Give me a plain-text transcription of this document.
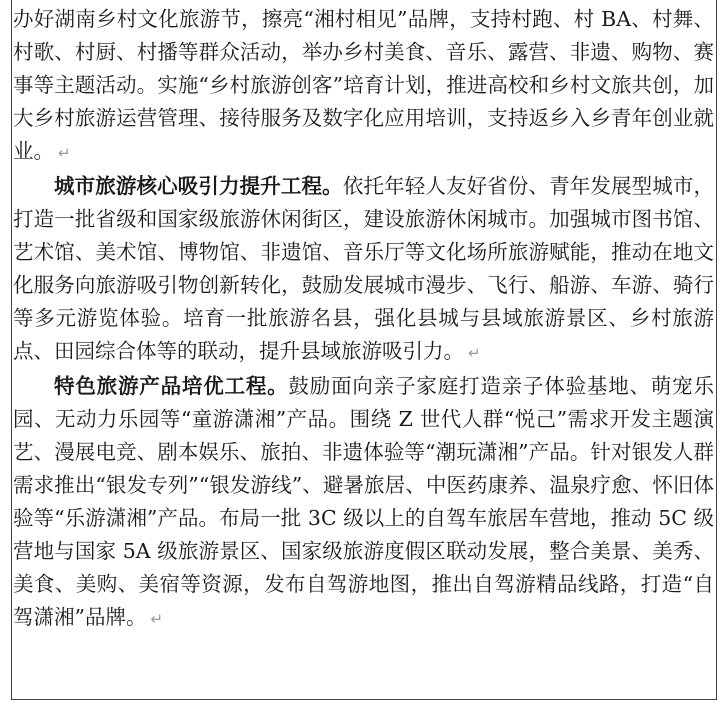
办好湖南乡村文化旅游节，擦亮“湘村相见”品牌，支持村跑、村 BA、村舞、村歌、村厨、村播等群众活动，举办乡村美食、音乐、露营、非遗、购物、赛事等主题活动。实施“乡村旅游创客”培育计划，推进高校和乡村文旅共创，加大乡村旅游运营管理、接待服务及数字化应用培训，支持返乡入乡青年创业就业。 ↵

城市旅游核心吸引力提升工程。依托年轻人友好省份、青年发展型城市，打造一批省级和国家级旅游休闲街区，建设旅游休闲城市。加强城市图书馆、艺术馆、美术馆、博物馆、非遗馆、音乐厅等文化场所旅游赋能，推动在地文化服务向旅游吸引物创新转化，鼓励发展城市漫步、飞行、船游、车游、骑行等多元游览体验。培育一批旅游名县，强化县城与县域旅游景区、乡村旅游点、田园综合体等的联动，提升县域旅游吸引力。 ↵

特色旅游产品培优工程。鼓励面向亲子家庭打造亲子体验基地、萌宠乐园、无动力乐园等“童游潇湘”产品。围绕 Z 世代人群“悦己”需求开发主题演艺、漫展电竞、剧本娱乐、旅拍、非遗体验等“潮玩潇湘”产品。针对银发人群需求推出“银发专列”“银发游线”、避暑旅居、中医药康养、温泉疗愈、怀旧体验等“乐游潇湘”产品。布局一批 3C 级以上的自驾车旅居车营地，推动 5C 级营地与国家 5A 级旅游景区、国家级旅游度假区联动发展，整合美景、美秀、美食、美购、美宿等资源，发布自驾游地图，推出自驾游精品线路，打造“自驾潇湘”品牌。 ↵
